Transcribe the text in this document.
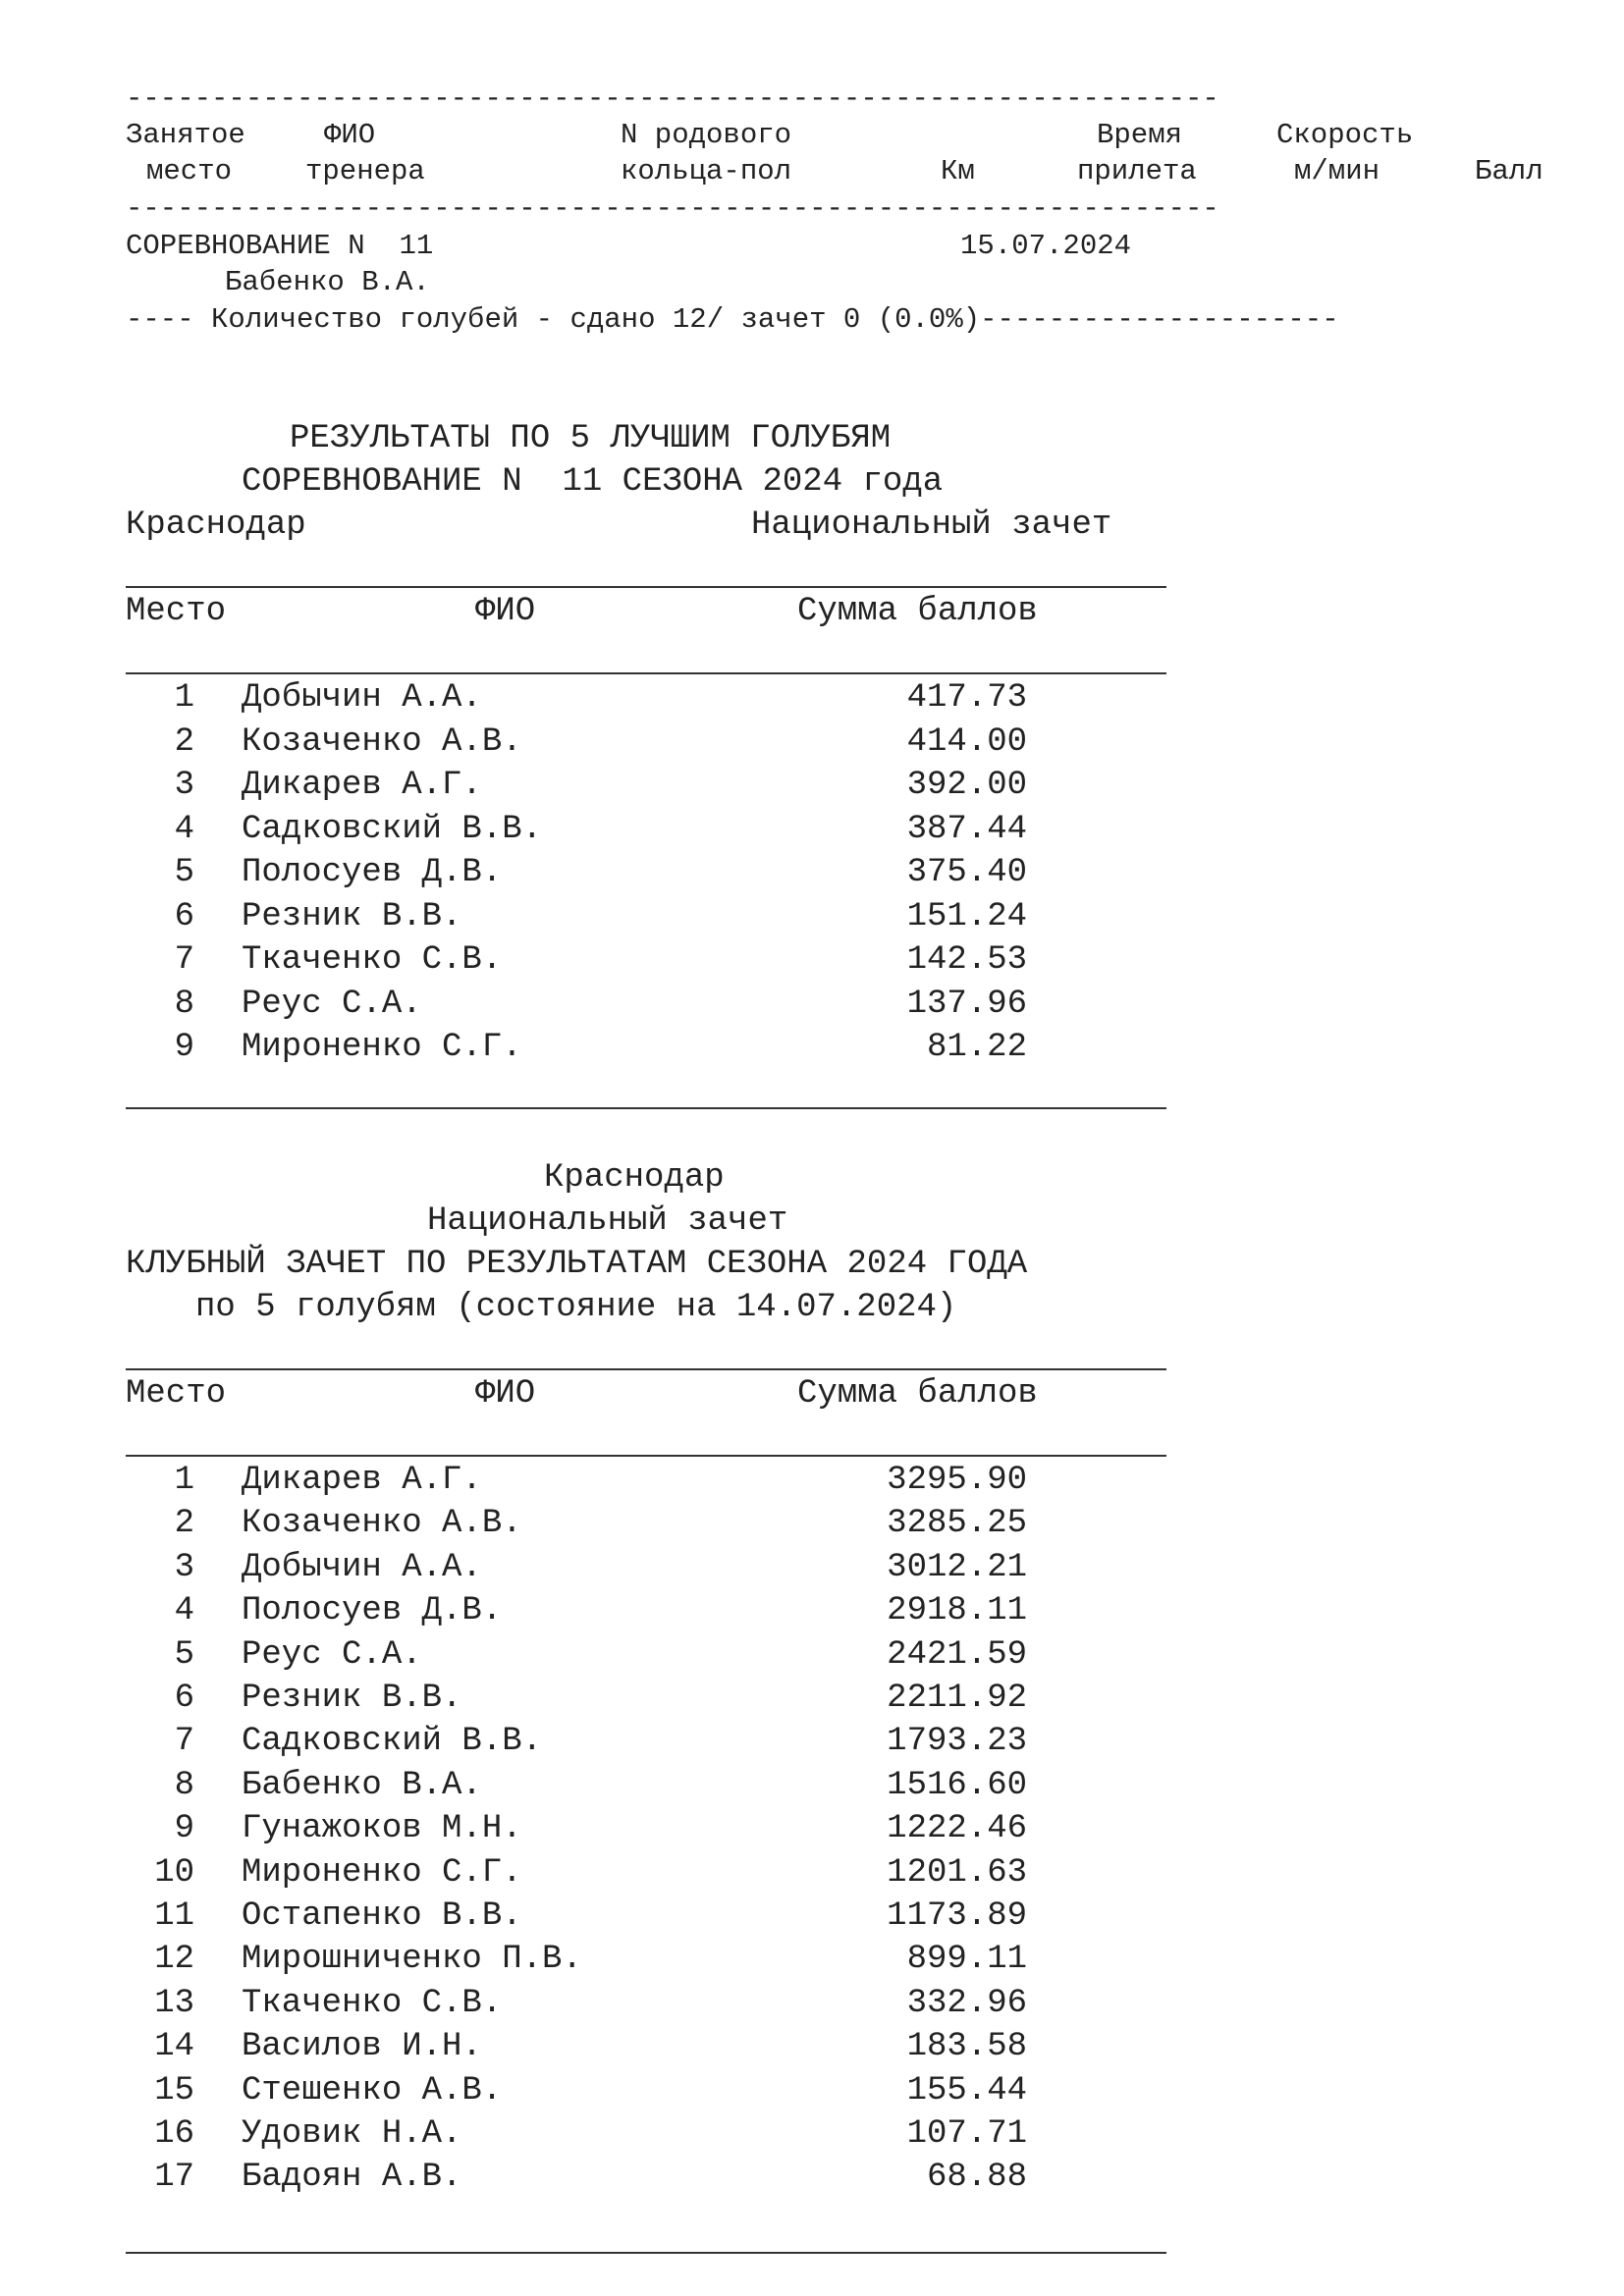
----------------------------------------------------------------
Занятое	ФИО	N родового	Время	Скорость
место	тренера	кольца-пол	Км	прилета	м/мин	Балл
----------------------------------------------------------------
СОРЕВНОВАНИЕ N  11	15.07.2024
Бабенко В.А.
---- Количество голубей - сдано 12/ зачет 0 (0.0%)---------------------
РЕЗУЛЬТАТЫ ПО 5 ЛУЧШИМ ГОЛУБЯМ
СОРЕВНОВАНИЕ N  11 СЕЗОНА 2024 года
Краснодар	Национальный зачет
Место	ФИО	Сумма баллов
1 Добычин А.А.	417.73
2 Козаченко А.В.	414.00
3 Дикарев А.Г.	392.00
4 Садковский В.В.	387.44
5 Полосуев Д.В.	375.40
6 Резник В.В.	151.24
7 Ткаченко С.В.	142.53
8 Реус С.А.	137.96
9 Мироненко С.Г.	81.22
Краснодар
Национальный зачет
КЛУБНЫЙ ЗАЧЕТ ПО РЕЗУЛЬТАТАМ СЕЗОНА 2024 ГОДА
по 5 голубям (состояние на 14.07.2024)
Место	ФИО	Сумма баллов
1 Дикарев А.Г.	3295.90
2 Козаченко А.В.	3285.25
3 Добычин А.А.	3012.21
4 Полосуев Д.В.	2918.11
5 Реус С.А.	2421.59
6 Резник В.В.	2211.92
7 Садковский В.В.	1793.23
8 Бабенко В.А.	1516.60
9 Гунажоков М.Н.	1222.46
10 Мироненко С.Г.	1201.63
11 Остапенко В.В.	1173.89
12 Мирошниченко П.В.	899.11
13 Ткаченко С.В.	332.96
14 Василов И.Н.	183.58
15 Стешенко А.В.	155.44
16 Удовик Н.А.	107.71
17 Бадоян А.В.	68.88
